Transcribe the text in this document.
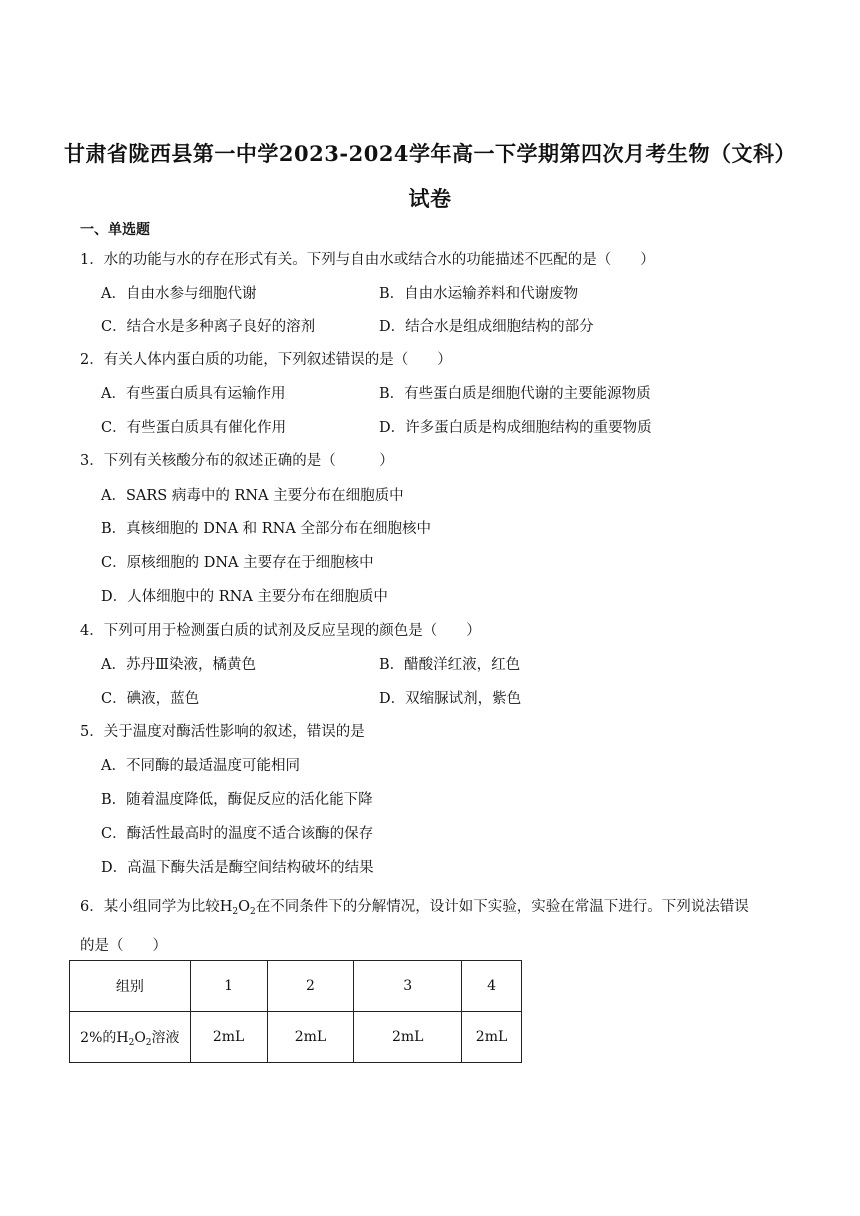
甘肃省陇西县第一中学2023-2024学年高一下学期第四次月考生物（文科）
试卷
一、单选题
1．水的功能与水的存在形式有关。下列与自由水或结合水的功能描述不匹配的是（　　）
A．自由水参与细胞代谢	B．自由水运输养料和代谢废物
C．结合水是多种离子良好的溶剂	D．结合水是组成细胞结构的部分
2．有关人体内蛋白质的功能，下列叙述错误的是（　　）
A．有些蛋白质具有运输作用	B．有些蛋白质是细胞代谢的主要能源物质
C．有些蛋白质具有催化作用	D．许多蛋白质是构成细胞结构的重要物质
3．下列有关核酸分布的叙述正确的是（　　　）
A．SARS 病毒中的 RNA 主要分布在细胞质中
B．真核细胞的 DNA 和 RNA 全部分布在细胞核中
C．原核细胞的 DNA 主要存在于细胞核中
D．人体细胞中的 RNA 主要分布在细胞质中
4．下列可用于检测蛋白质的试剂及反应呈现的颜色是（　　）
A．苏丹Ⅲ染液，橘黄色	B．醋酸洋红液，红色
C．碘液，蓝色	D．双缩脲试剂，紫色
5．关于温度对酶活性影响的叙述，错误的是
A．不同酶的最适温度可能相同
B．随着温度降低，酶促反应的活化能下降
C．酶活性最高时的温度不适合该酶的保存
D．高温下酶失活是酶空间结构破坏的结果
6．某小组同学为比较$H_2O_2$在不同条件下的分解情况，设计如下实验，实验在常温下进行。下列说法错误
的是（　　）
组别	1	2	3	4
2%的$H_2O_2$溶液	2mL	2mL	2mL	2mL
